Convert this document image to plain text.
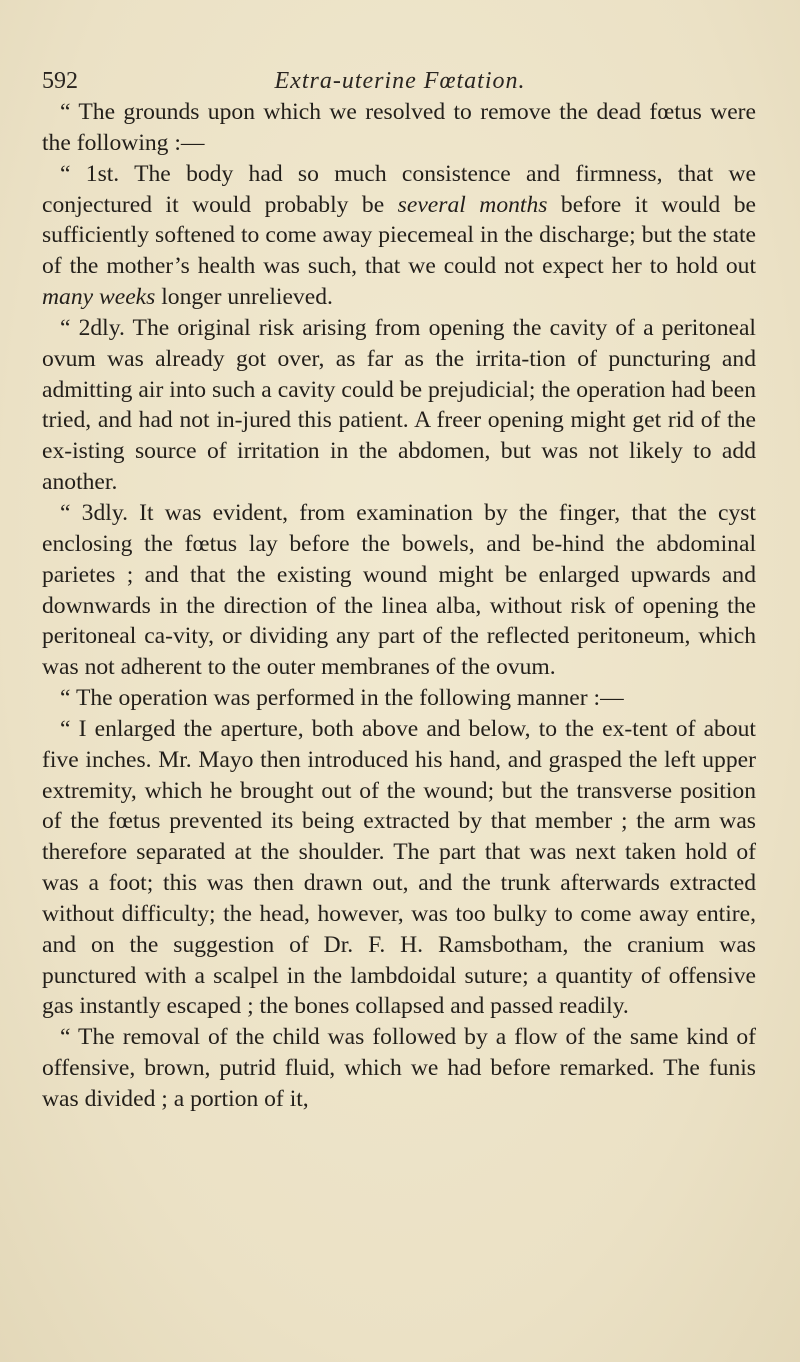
592	Extra-uterine Fœtation.

“ The grounds upon which we resolved to remove the dead fœtus were the following :—

“ 1st. The body had so much consistence and firmness, that we conjectured it would probably be several months before it would be sufficiently softened to come away piecemeal in the discharge; but the state of the mother’s health was such, that we could not expect her to hold out many weeks longer unrelieved.

“ 2dly. The original risk arising from opening the cavity of a peritoneal ovum was already got over, as far as the irrita-tion of puncturing and admitting air into such a cavity could be prejudicial; the operation had been tried, and had not in-jured this patient. A freer opening might get rid of the ex-isting source of irritation in the abdomen, but was not likely to add another.

“ 3dly. It was evident, from examination by the finger, that the cyst enclosing the fœtus lay before the bowels, and be-hind the abdominal parietes ; and that the existing wound might be enlarged upwards and downwards in the direction of the linea alba, without risk of opening the peritoneal ca-vity, or dividing any part of the reflected peritoneum, which was not adherent to the outer membranes of the ovum.

“ The operation was performed in the following manner :—

“ I enlarged the aperture, both above and below, to the ex-tent of about five inches. Mr. Mayo then introduced his hand, and grasped the left upper extremity, which he brought out of the wound; but the transverse position of the fœtus prevented its being extracted by that member ; the arm was therefore separated at the shoulder. The part that was next taken hold of was a foot; this was then drawn out, and the trunk afterwards extracted without difficulty; the head, however, was too bulky to come away entire, and on the suggestion of Dr. F. H. Ramsbotham, the cranium was punctured with a scalpel in the lambdoidal suture; a quantity of offensive gas instantly escaped ; the bones collapsed and passed readily.

“ The removal of the child was followed by a flow of the same kind of offensive, brown, putrid fluid, which we had before remarked. The funis was divided ; a portion of it,
